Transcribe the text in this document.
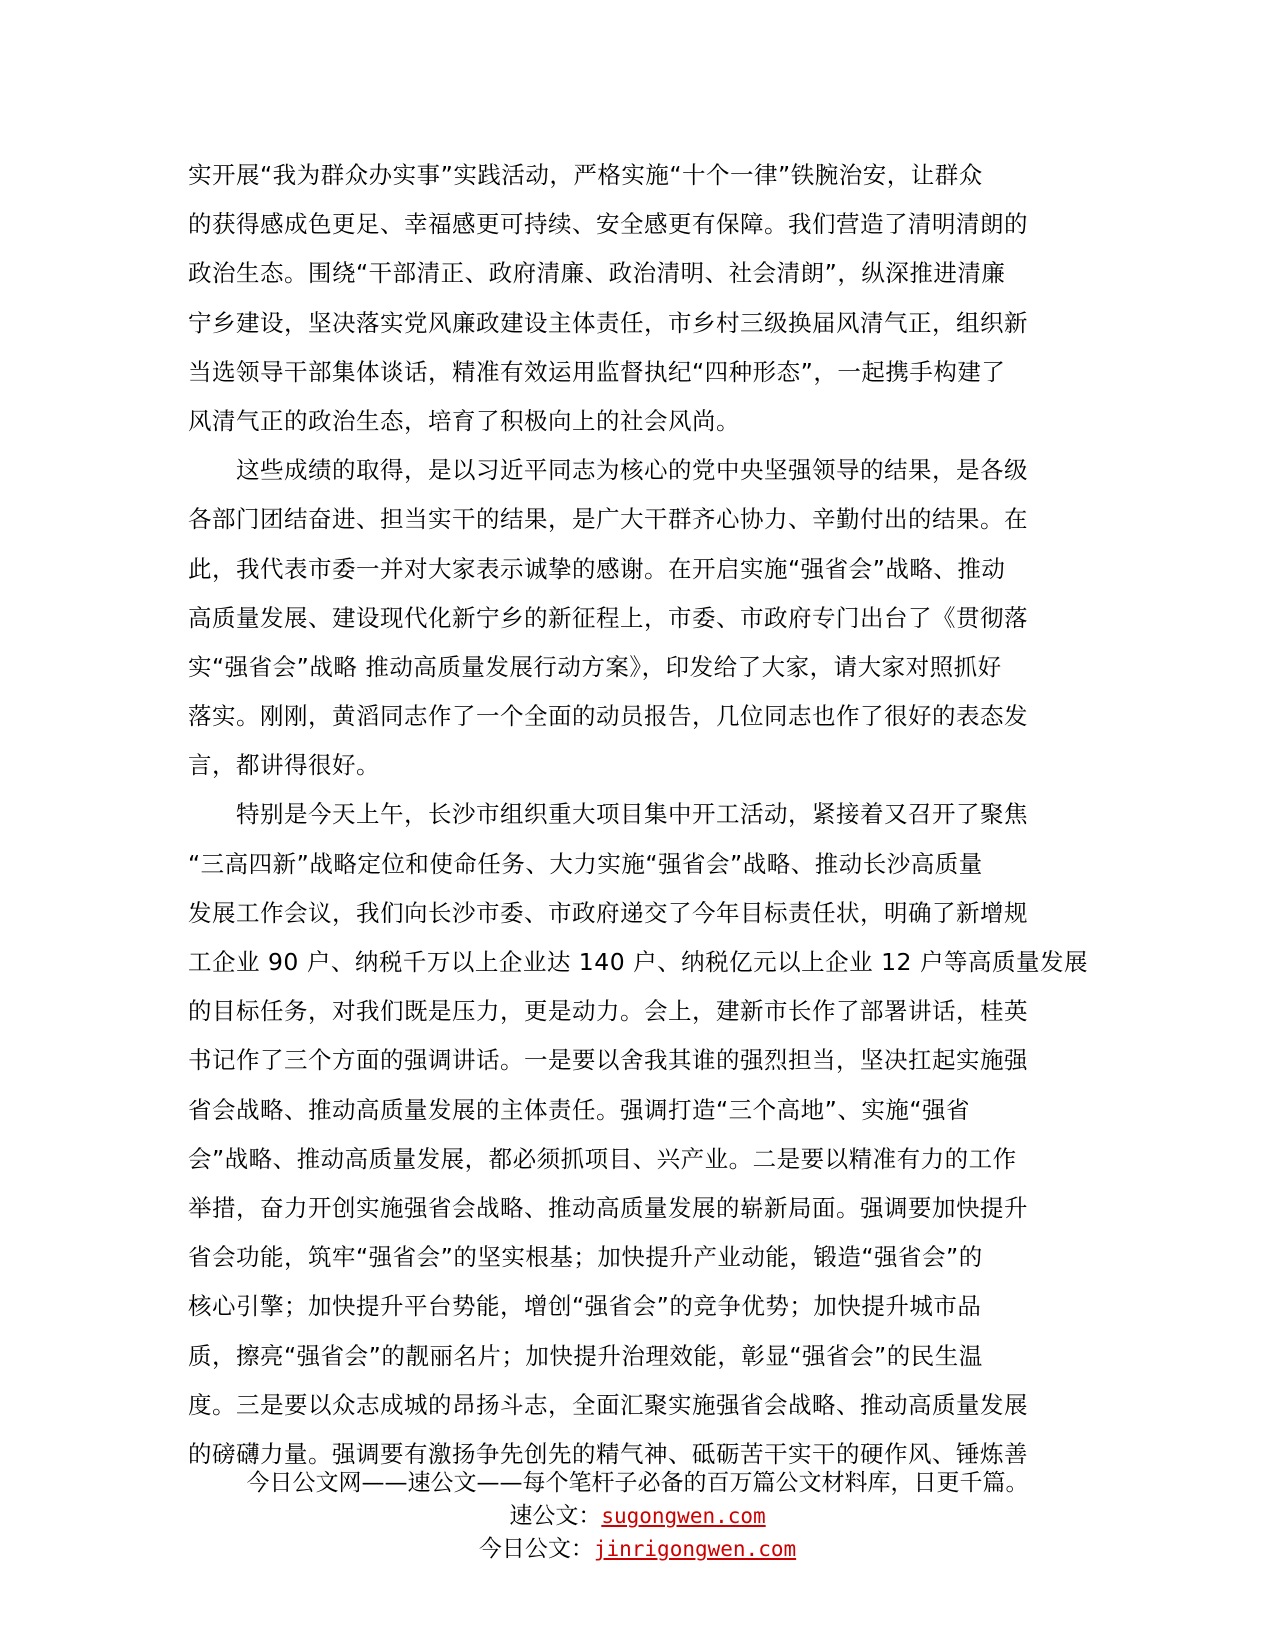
实开展“我为群众办实事”实践活动，严格实施“十个一律”铁腕治安，让群众
的获得感成色更足、幸福感更可持续、安全感更有保障。我们营造了清明清朗的
政治生态。围绕“干部清正、政府清廉、政治清明、社会清朗”，纵深推进清廉
宁乡建设，坚决落实党风廉政建设主体责任，市乡村三级换届风清气正，组织新
当选领导干部集体谈话，精准有效运用监督执纪“四种形态”，一起携手构建了
风清气正的政治生态，培育了积极向上的社会风尚。
　　这些成绩的取得，是以习近平同志为核心的党中央坚强领导的结果，是各级
各部门团结奋进、担当实干的结果，是广大干群齐心协力、辛勤付出的结果。在
此，我代表市委一并对大家表示诚挚的感谢。在开启实施“强省会”战略、推动
高质量发展、建设现代化新宁乡的新征程上，市委、市政府专门出台了《贯彻落
实“强省会”战略 推动高质量发展行动方案》，印发给了大家，请大家对照抓好
落实。刚刚，黄滔同志作了一个全面的动员报告，几位同志也作了很好的表态发
言，都讲得很好。
　　特别是今天上午，长沙市组织重大项目集中开工活动，紧接着又召开了聚焦
“三高四新”战略定位和使命任务、大力实施“强省会”战略、推动长沙高质量
发展工作会议，我们向长沙市委、市政府递交了今年目标责任状，明确了新增规
工企业 90 户、纳税千万以上企业达 140 户、纳税亿元以上企业 12 户等高质量发展
的目标任务，对我们既是压力，更是动力。会上，建新市长作了部署讲话，桂英
书记作了三个方面的强调讲话。一是要以舍我其谁的强烈担当，坚决扛起实施强
省会战略、推动高质量发展的主体责任。强调打造“三个高地”、实施“强省
会”战略、推动高质量发展，都必须抓项目、兴产业。二是要以精准有力的工作
举措，奋力开创实施强省会战略、推动高质量发展的崭新局面。强调要加快提升
省会功能，筑牢“强省会”的坚实根基；加快提升产业动能，锻造“强省会”的
核心引擎；加快提升平台势能，增创“强省会”的竞争优势；加快提升城市品
质，擦亮“强省会”的靓丽名片；加快提升治理效能，彰显“强省会”的民生温
度。三是要以众志成城的昂扬斗志，全面汇聚实施强省会战略、推动高质量发展
的磅礴力量。强调要有激扬争先创先的精气神、砥砺苦干实干的硬作风、锤炼善
今日公文网——速公文——每个笔杆子必备的百万篇公文材料库，日更千篇。
速公文：sugongwen.com
今日公文：jinrigongwen.com
